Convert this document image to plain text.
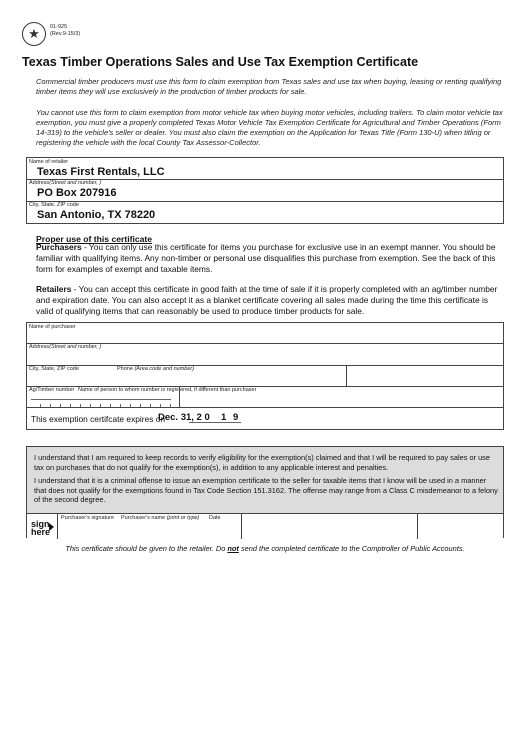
★	01-925
(Rev.9-15/3)
Texas Timber Operations Sales and Use Tax Exemption Certificate
Commercial timber producers must use this form to claim exemption from Texas sales and use tax when buying, leasing or renting qualifying timber items they will use exclusively in the production of timber products for sale.
You cannot use this form to claim exemption from motor vehicle tax when buying motor vehicles, including trailers. To claim motor vehicle tax exemption, you must give a properly completed Texas Motor Vehicle Tax Exemption Certificate for Agricultural and Timber Operations (Form 14-319) to the vehicle's seller or dealer. You must also claim the exemption on the Application for Texas Title (Form 130-U) when titling or registering the vehicle with the local County Tax Assessor-Collector.
Name of retailer
Texas First Rentals, LLC
Address(Street and number, )
PO Box 207916
City, State, ZIP code
San Antonio, TX 78220
Proper use of this certificate
Purchasers - You can only use this certificate for items you purchase for exclusive use in an exempt manner. You should be familiar with qualifying items. Any non-timber or personal use disqualifies this purchase from exemption. See the back of this form for examples of exempt and taxable items.
Retailers - You can accept this certificate in good faith at the time of sale if it is properly completed with an ag/timber number and expiration date. You can also accept it as a blanket certificate covering all sales made during the time this certificate is valid of qualifying items that can reasonably be used to produce timber products for sale.
Name of purchaser
Address(Street and number, )
City, State, ZIP code	Phone (Area code and number)
Ag/Timber number Name of person to whom number is registered, if different than purchaser
This exemption certifcate expires on
Dec. 31, 2 0 1 9
I understand that I am required to keep records to verify eligibility for the exemption(s) claimed and that I will be required to pay sales or use tax on purchases that do not qualify for the exemption(s), in addition to any applicable interest and penalties.
I understand that it is a criminal offense to issue an exemption certificate to the seller for taxable items that I know will be used in a manner that does not qualify for the exemptions found in Tax Code Section 151.3162. The offense may range from a Class C misdemeanor to a felony of the second degree.
sign here
Purchaser's signature Purchaser's name (print or type) Date
This certificate should be given to the retailer. Do not send the completed certificate to the Comptroller of Public Accounts.
